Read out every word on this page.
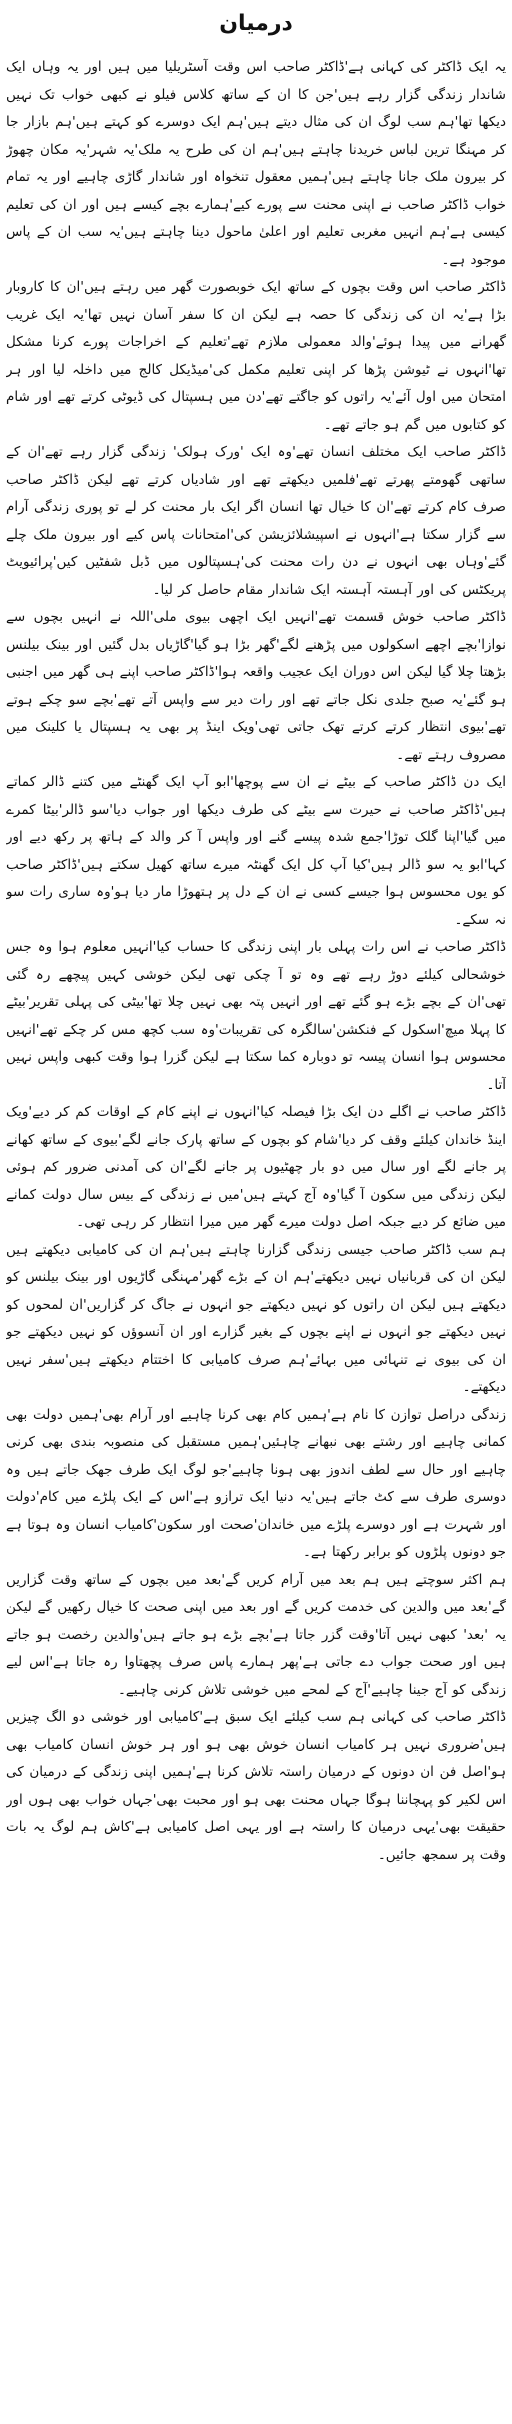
درمیان

یہ ایک ڈاکٹر کی کہانی ہے'ڈاکٹر صاحب اس وقت آسٹریلیا میں ہیں اور یہ وہاں ایک شاندار زندگی گزار رہے ہیں'جن کا ان کے ساتھ کلاس فیلو نے کبھی خواب تک نہیں دیکھا تھا'ہم سب لوگ ان کی مثال دیتے ہیں'ہم ایک دوسرے کو کہتے ہیں'ہم بازار جا کر مہنگا ترین لباس خریدنا چاہتے ہیں'ہم ان کی طرح یہ ملک'یہ شہر'یہ مکان چھوڑ کر بیرون ملک جانا چاہتے ہیں'ہمیں معقول تنخواہ اور شاندار گاڑی چاہیے اور یہ تمام خواب ڈاکٹر صاحب نے اپنی محنت سے پورے کیے'ہمارے بچے کیسے ہیں اور ان کی تعلیم کیسی ہے'ہم انہیں مغربی تعلیم اور اعلیٰ ماحول دینا چاہتے ہیں'یہ سب ان کے پاس موجود ہے۔

ڈاکٹر صاحب اس وقت بچوں کے ساتھ ایک خوبصورت گھر میں رہتے ہیں'ان کا کاروبار بڑا ہے'یہ ان کی زندگی کا حصہ ہے لیکن ان کا سفر آسان نہیں تھا'یہ ایک غریب گھرانے میں پیدا ہوئے'والد معمولی ملازم تھے'تعلیم کے اخراجات پورے کرنا مشکل تھا'انہوں نے ٹیوشن پڑھا کر اپنی تعلیم مکمل کی'میڈیکل کالج میں داخلہ لیا اور ہر امتحان میں اول آئے'یہ راتوں کو جاگتے تھے'دن میں ہسپتال کی ڈیوٹی کرتے تھے اور شام کو کتابوں میں گم ہو جاتے تھے۔

ڈاکٹر صاحب ایک مختلف انسان تھے'وہ ایک 'ورک ہولک' زندگی گزار رہے تھے'ان کے ساتھی گھومتے پھرتے تھے'فلمیں دیکھتے تھے اور شادیاں کرتے تھے لیکن ڈاکٹر صاحب صرف کام کرتے تھے'ان کا خیال تھا انسان اگر ایک بار محنت کر لے تو پوری زندگی آرام سے گزار سکتا ہے'انہوں نے اسپیشلائزیشن کی'امتحانات پاس کیے اور بیرون ملک چلے گئے'وہاں بھی انہوں نے دن رات محنت کی'ہسپتالوں میں ڈبل شفٹیں کیں'پرائیویٹ پریکٹس کی اور آہستہ آہستہ ایک شاندار مقام حاصل کر لیا۔

ڈاکٹر صاحب خوش قسمت تھے'انہیں ایک اچھی بیوی ملی'اللہ نے انہیں بچوں سے نوازا'بچے اچھے اسکولوں میں پڑھنے لگے'گھر بڑا ہو گیا'گاڑیاں بدل گئیں اور بینک بیلنس بڑھتا چلا گیا لیکن اس دوران ایک عجیب واقعہ ہوا'ڈاکٹر صاحب اپنے ہی گھر میں اجنبی ہو گئے'یہ صبح جلدی نکل جاتے تھے اور رات دیر سے واپس آتے تھے'بچے سو چکے ہوتے تھے'بیوی انتظار کرتے کرتے تھک جاتی تھی'ویک اینڈ پر بھی یہ ہسپتال یا کلینک میں مصروف رہتے تھے۔

ایک دن ڈاکٹر صاحب کے بیٹے نے ان سے پوچھا'ابو آپ ایک گھنٹے میں کتنے ڈالر کماتے ہیں'ڈاکٹر صاحب نے حیرت سے بیٹے کی طرف دیکھا اور جواب دیا'سو ڈالر'بیٹا کمرے میں گیا'اپنا گلک توڑا'جمع شدہ پیسے گنے اور واپس آ کر والد کے ہاتھ پر رکھ دیے اور کہا'ابو یہ سو ڈالر ہیں'کیا آپ کل ایک گھنٹہ میرے ساتھ کھیل سکتے ہیں'ڈاکٹر صاحب کو یوں محسوس ہوا جیسے کسی نے ان کے دل پر ہتھوڑا مار دیا ہو'وہ ساری رات سو نہ سکے۔

ڈاکٹر صاحب نے اس رات پہلی بار اپنی زندگی کا حساب کیا'انہیں معلوم ہوا وہ جس خوشحالی کیلئے دوڑ رہے تھے وہ تو آ چکی تھی لیکن خوشی کہیں پیچھے رہ گئی تھی'ان کے بچے بڑے ہو گئے تھے اور انہیں پتہ بھی نہیں چلا تھا'بیٹی کی پہلی تقریر'بیٹے کا پہلا میچ'اسکول کے فنکشن'سالگرہ کی تقریبات'وہ سب کچھ مس کر چکے تھے'انہیں محسوس ہوا انسان پیسہ تو دوبارہ کما سکتا ہے لیکن گزرا ہوا وقت کبھی واپس نہیں آتا۔

ڈاکٹر صاحب نے اگلے دن ایک بڑا فیصلہ کیا'انہوں نے اپنے کام کے اوقات کم کر دیے'ویک اینڈ خاندان کیلئے وقف کر دیا'شام کو بچوں کے ساتھ پارک جانے لگے'بیوی کے ساتھ کھانے پر جانے لگے اور سال میں دو بار چھٹیوں پر جانے لگے'ان کی آمدنی ضرور کم ہوئی لیکن زندگی میں سکون آ گیا'وہ آج کہتے ہیں'میں نے زندگی کے بیس سال دولت کمانے میں ضائع کر دیے جبکہ اصل دولت میرے گھر میں میرا انتظار کر رہی تھی۔

ہم سب ڈاکٹر صاحب جیسی زندگی گزارنا چاہتے ہیں'ہم ان کی کامیابی دیکھتے ہیں لیکن ان کی قربانیاں نہیں دیکھتے'ہم ان کے بڑے گھر'مہنگی گاڑیوں اور بینک بیلنس کو دیکھتے ہیں لیکن ان راتوں کو نہیں دیکھتے جو انہوں نے جاگ کر گزاریں'ان لمحوں کو نہیں دیکھتے جو انہوں نے اپنے بچوں کے بغیر گزارے اور ان آنسوؤں کو نہیں دیکھتے جو ان کی بیوی نے تنہائی میں بہائے'ہم صرف کامیابی کا اختتام دیکھتے ہیں'سفر نہیں دیکھتے۔

زندگی دراصل توازن کا نام ہے'ہمیں کام بھی کرنا چاہیے اور آرام بھی'ہمیں دولت بھی کمانی چاہیے اور رشتے بھی نبھانے چاہئیں'ہمیں مستقبل کی منصوبہ بندی بھی کرنی چاہیے اور حال سے لطف اندوز بھی ہونا چاہیے'جو لوگ ایک طرف جھک جاتے ہیں وہ دوسری طرف سے کٹ جاتے ہیں'یہ دنیا ایک ترازو ہے'اس کے ایک پلڑے میں کام'دولت اور شہرت ہے اور دوسرے پلڑے میں خاندان'صحت اور سکون'کامیاب انسان وہ ہوتا ہے جو دونوں پلڑوں کو برابر رکھتا ہے۔

ہم اکثر سوچتے ہیں ہم بعد میں آرام کریں گے'بعد میں بچوں کے ساتھ وقت گزاریں گے'بعد میں والدین کی خدمت کریں گے اور بعد میں اپنی صحت کا خیال رکھیں گے لیکن یہ 'بعد' کبھی نہیں آتا'وقت گزر جاتا ہے'بچے بڑے ہو جاتے ہیں'والدین رخصت ہو جاتے ہیں اور صحت جواب دے جاتی ہے'پھر ہمارے پاس صرف پچھتاوا رہ جاتا ہے'اس لیے زندگی کو آج جینا چاہیے'آج کے لمحے میں خوشی تلاش کرنی چاہیے۔

ڈاکٹر صاحب کی کہانی ہم سب کیلئے ایک سبق ہے'کامیابی اور خوشی دو الگ چیزیں ہیں'ضروری نہیں ہر کامیاب انسان خوش بھی ہو اور ہر خوش انسان کامیاب بھی ہو'اصل فن ان دونوں کے درمیان راستہ تلاش کرنا ہے'ہمیں اپنی زندگی کے درمیان کی اس لکیر کو پہچاننا ہوگا جہاں محنت بھی ہو اور محبت بھی'جہاں خواب بھی ہوں اور حقیقت بھی'یہی درمیان کا راستہ ہے اور یہی اصل کامیابی ہے'کاش ہم لوگ یہ بات وقت پر سمجھ جائیں۔
